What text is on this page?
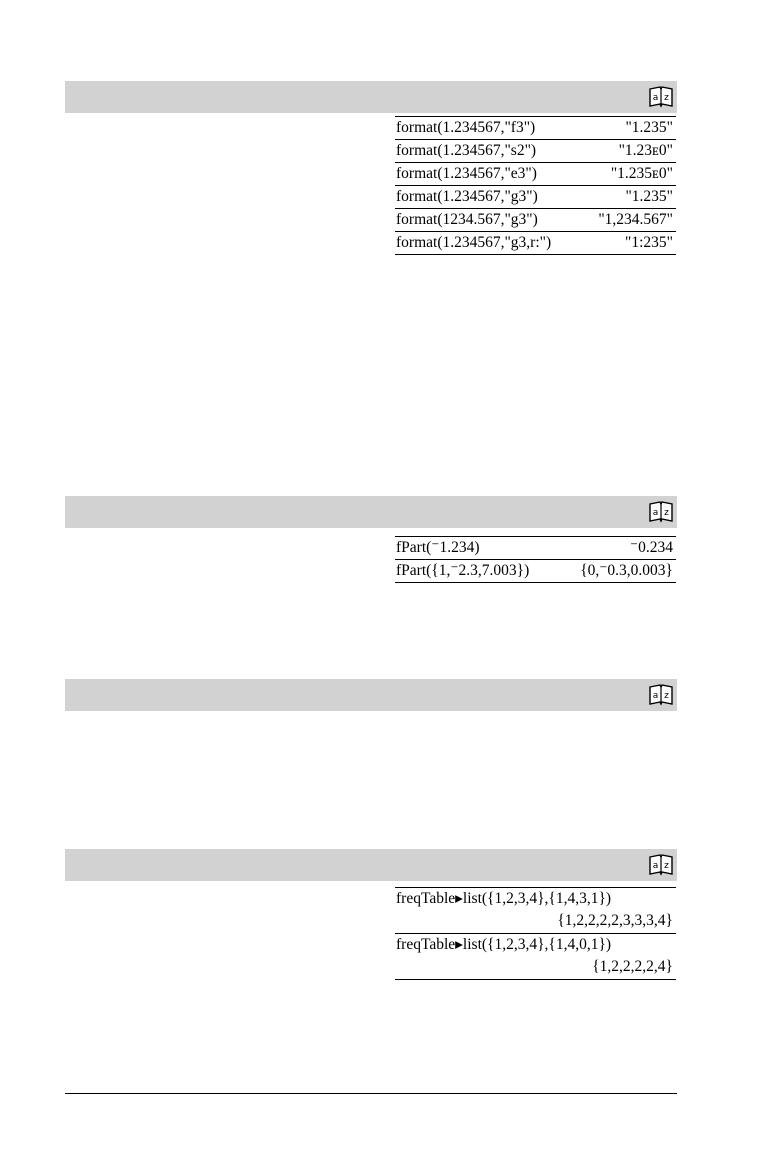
a z
format(1.234567,"f3")	"1.235"
format(1.234567,"s2")	"1.23ᴇ0"
format(1.234567,"e3")	"1.235ᴇ0"
format(1.234567,"g3")	"1.235"
format(1234.567,"g3")	"1,234.567"
format(1.234567,"g3,r:")	"1:235"
a z
fPart(⁻1.234)	⁻0.234
fPart({1,⁻2.3,7.003})	{0,⁻0.3,0.003}
a z
a z
freqTable▸list({1,2,3,4},{1,4,3,1})
{1,2,2,2,2,3,3,3,4}
freqTable▸list({1,2,3,4},{1,4,0,1})
{1,2,2,2,2,4}
